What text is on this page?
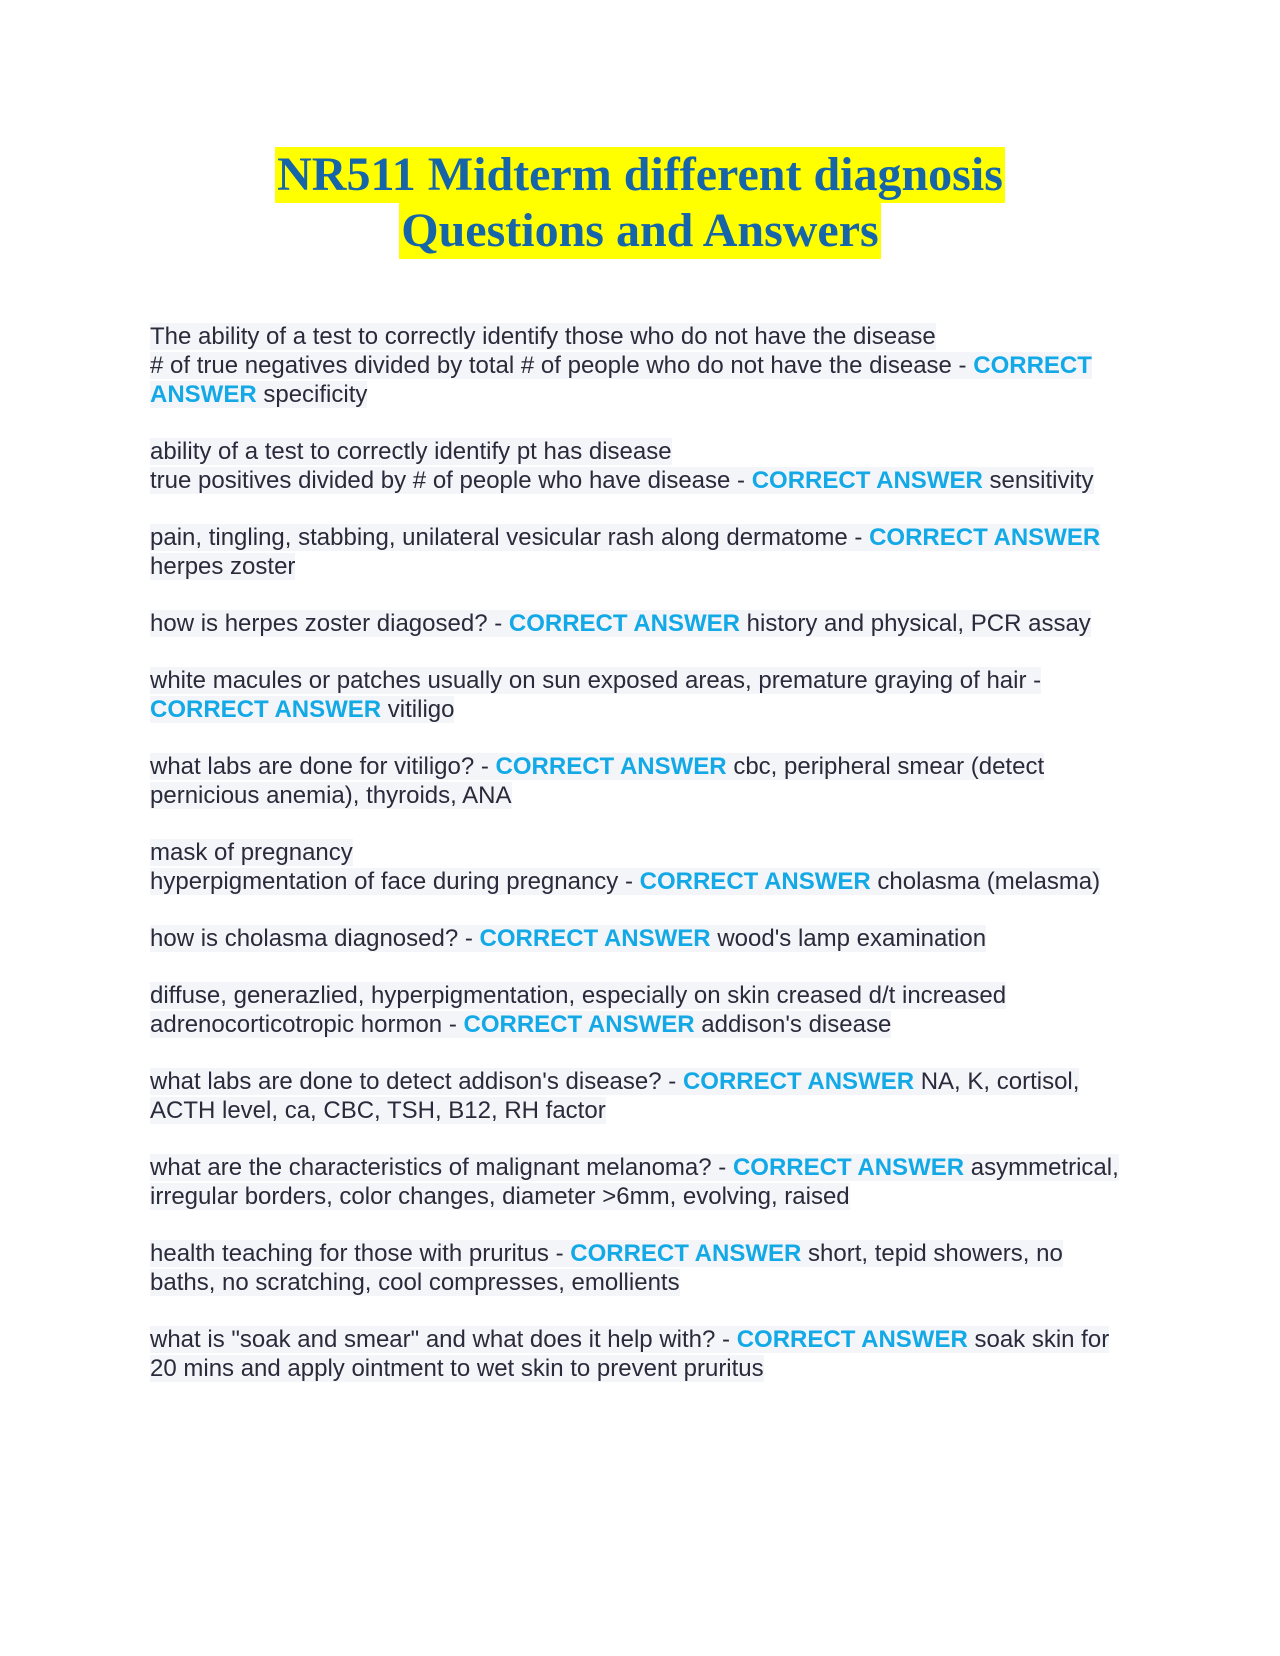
NR511 Midterm different diagnosis
Questions and Answers
The ability of a test to correctly identify those who do not have the disease
# of true negatives divided by total # of people who do not have the disease - CORRECT ANSWER specificity
ability of a test to correctly identify pt has disease
true positives divided by # of people who have disease - CORRECT ANSWER sensitivity
pain, tingling, stabbing, unilateral vesicular rash along dermatome - CORRECT ANSWER herpes zoster
how is herpes zoster diagosed? - CORRECT ANSWER history and physical, PCR assay
white macules or patches usually on sun exposed areas, premature graying of hair - CORRECT ANSWER vitiligo
what labs are done for vitiligo? - CORRECT ANSWER cbc, peripheral smear (detect pernicious anemia), thyroids, ANA
mask of pregnancy
hyperpigmentation of face during pregnancy - CORRECT ANSWER cholasma (melasma)
how is cholasma diagnosed? - CORRECT ANSWER wood's lamp examination
diffuse, generazlied, hyperpigmentation, especially on skin creased d/t increased adrenocorticotropic hormon - CORRECT ANSWER addison's disease
what labs are done to detect addison's disease? - CORRECT ANSWER NA, K, cortisol, ACTH level, ca, CBC, TSH, B12, RH factor
what are the characteristics of malignant melanoma? - CORRECT ANSWER asymmetrical, irregular borders, color changes, diameter >6mm, evolving, raised
health teaching for those with pruritus - CORRECT ANSWER short, tepid showers, no baths, no scratching, cool compresses, emollients
what is "soak and smear" and what does it help with? - CORRECT ANSWER soak skin for 20 mins and apply ointment to wet skin to prevent pruritus
